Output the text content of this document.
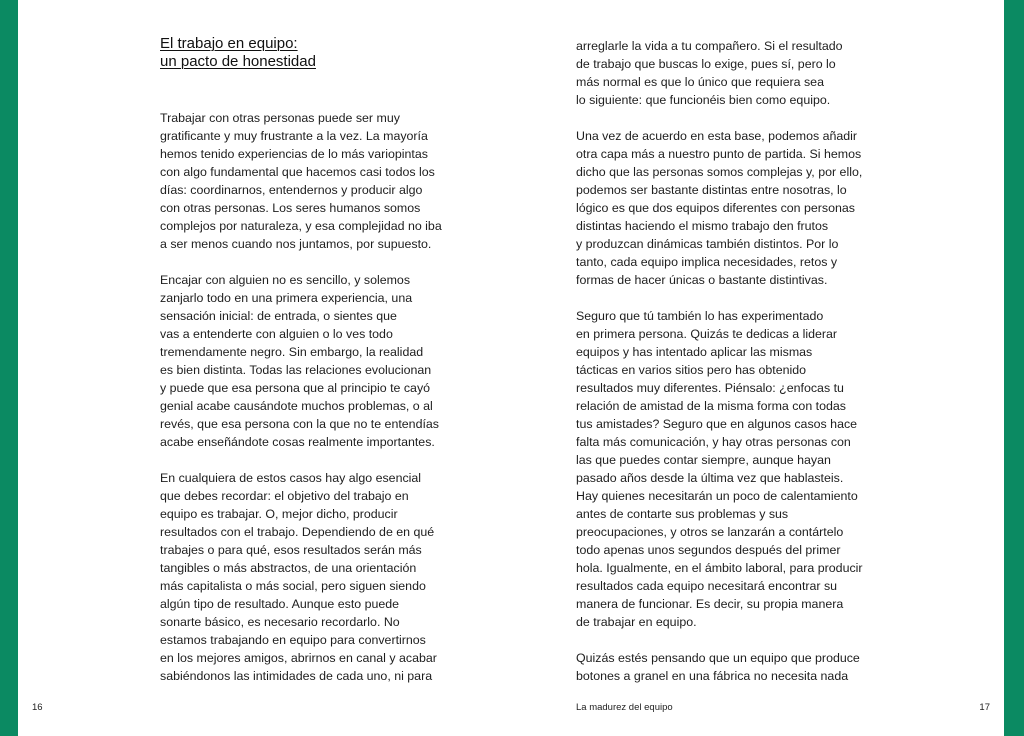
El trabajo en equipo:
un pacto de honestidad

Trabajar con otras personas puede ser muy
gratificante y muy frustrante a la vez. La mayoría
hemos tenido experiencias de lo más variopintas
con algo fundamental que hacemos casi todos los
días: coordinarnos, entendernos y producir algo
con otras personas. Los seres humanos somos
complejos por naturaleza, y esa complejidad no iba
a ser menos cuando nos juntamos, por supuesto.

Encajar con alguien no es sencillo, y solemos
zanjarlo todo en una primera experiencia, una
sensación inicial: de entrada, o sientes que
vas a entenderte con alguien o lo ves todo
tremendamente negro. Sin embargo, la realidad
es bien distinta. Todas las relaciones evolucionan
y puede que esa persona que al principio te cayó
genial acabe causándote muchos problemas, o al
revés, que esa persona con la que no te entendías
acabe enseñándote cosas realmente importantes.

En cualquiera de estos casos hay algo esencial
que debes recordar: el objetivo del trabajo en
equipo es trabajar. O, mejor dicho, producir
resultados con el trabajo. Dependiendo de en qué
trabajes o para qué, esos resultados serán más
tangibles o más abstractos, de una orientación
más capitalista o más social, pero siguen siendo
algún tipo de resultado. Aunque esto puede
sonarte básico, es necesario recordarlo. No
estamos trabajando en equipo para convertirnos
en los mejores amigos, abrirnos en canal y acabar
sabiéndonos las intimidades de cada uno, ni para

16

arreglarle la vida a tu compañero. Si el resultado
de trabajo que buscas lo exige, pues sí, pero lo
más normal es que lo único que requiera sea
lo siguiente: que funcionéis bien como equipo.

Una vez de acuerdo en esta base, podemos añadir
otra capa más a nuestro punto de partida. Si hemos
dicho que las personas somos complejas y, por ello,
podemos ser bastante distintas entre nosotras, lo
lógico es que dos equipos diferentes con personas
distintas haciendo el mismo trabajo den frutos
y produzcan dinámicas también distintos. Por lo
tanto, cada equipo implica necesidades, retos y
formas de hacer únicas o bastante distintivas.

Seguro que tú también lo has experimentado
en primera persona. Quizás te dedicas a liderar
equipos y has intentado aplicar las mismas
tácticas en varios sitios pero has obtenido
resultados muy diferentes. Piénsalo: ¿enfocas tu
relación de amistad de la misma forma con todas
tus amistades? Seguro que en algunos casos hace
falta más comunicación, y hay otras personas con
las que puedes contar siempre, aunque hayan
pasado años desde la última vez que hablasteis.
Hay quienes necesitarán un poco de calentamiento
antes de contarte sus problemas y sus
preocupaciones, y otros se lanzarán a contártelo
todo apenas unos segundos después del primer
hola. Igualmente, en el ámbito laboral, para producir
resultados cada equipo necesitará encontrar su
manera de funcionar. Es decir, su propia manera
de trabajar en equipo.

Quizás estés pensando que un equipo que produce
botones a granel en una fábrica no necesita nada

La madurez del equipo	17
